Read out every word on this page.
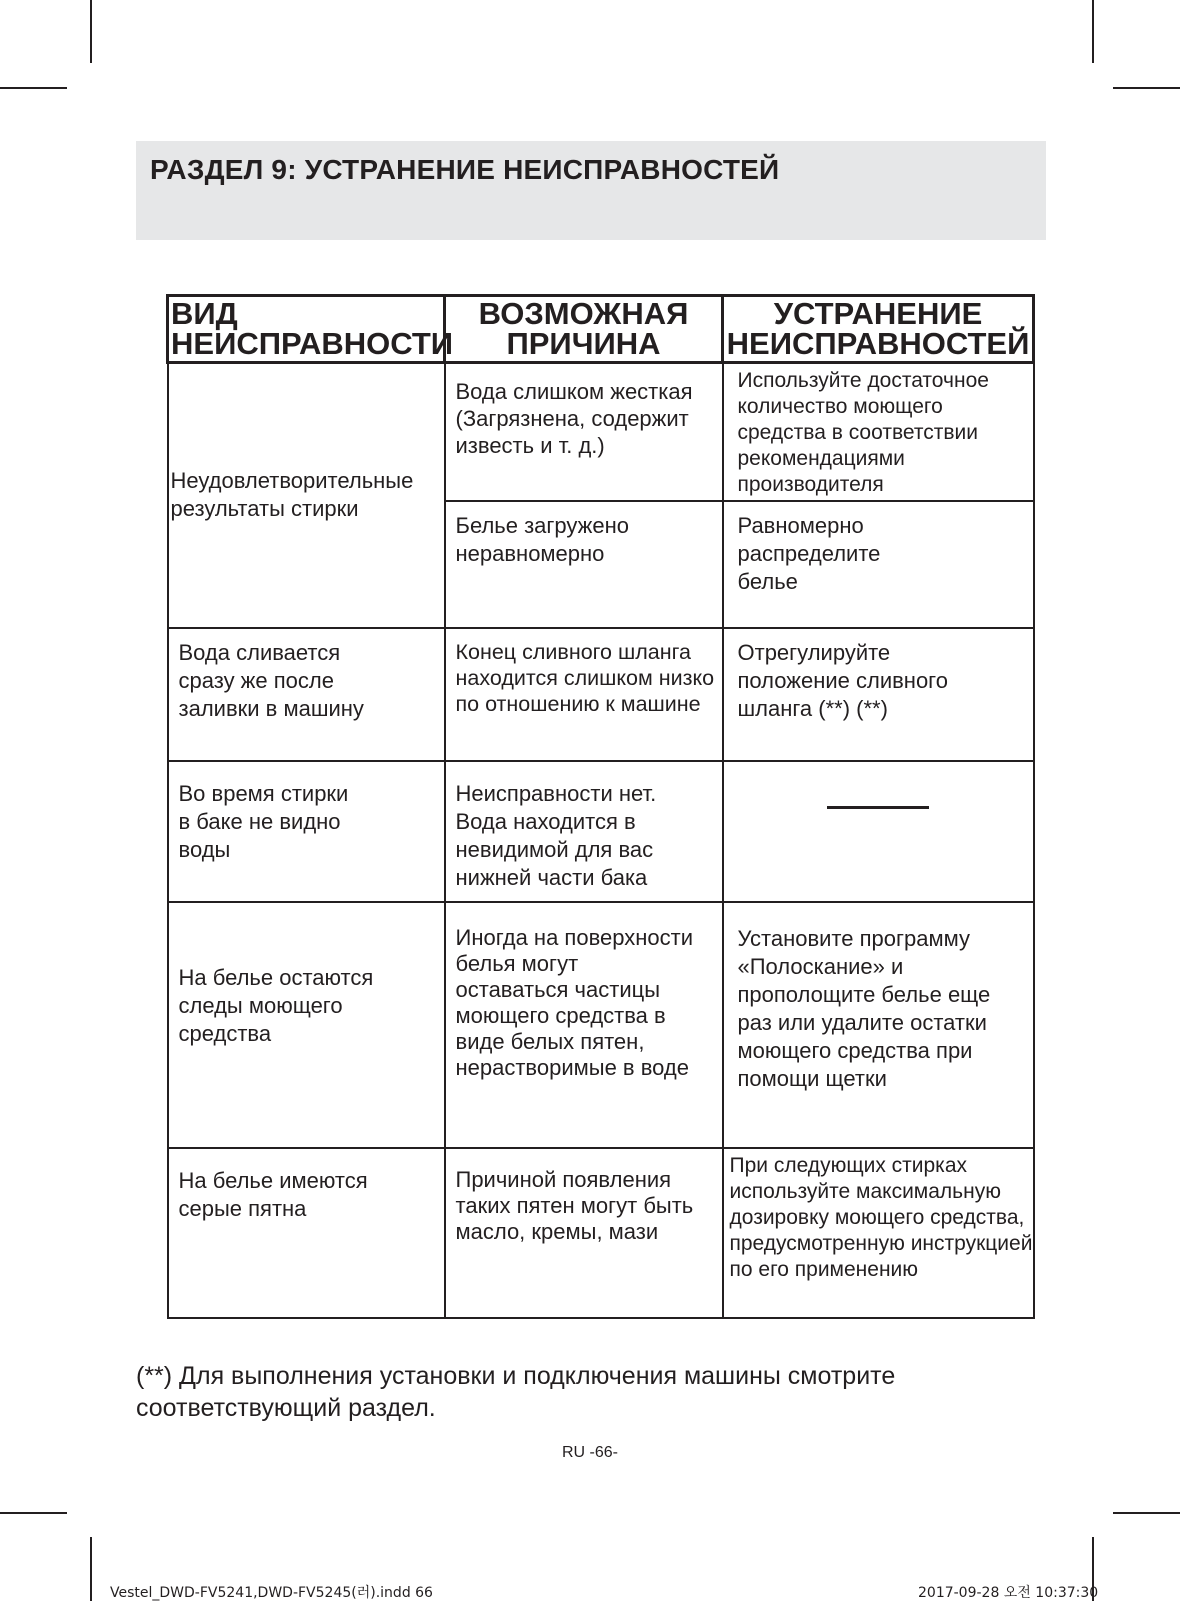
РАЗДЕЛ 9: УСТРАНЕНИЕ НЕИСПРАВНОСТЕЙ
ВИД НЕИСПРАВНОСТИ	ВОЗМОЖНАЯ ПРИЧИНА	УСТРАНЕНИЕ НЕИСПРАВНОСТЕЙ

Неудовлетворительные результаты стирки	Вода слишком жесткая (Загрязнена, содержит известь и т. д.)	Используйте достаточное количество моющего средства в соответствии рекомендациями производителя

	Белье загружено неравномерно	Равномерно распределите белье

Вода сливается сразу же после заливки в машину	Конец сливного шланга находится слишком низко по отношению к машине	Отрегулируйте положение сливного шланга (**) (**)

Во время стирки в баке не видно воды	Неисправности нет. Вода находится в невидимой для вас нижней части бака	

На белье остаются следы моющего средства	Иногда на поверхности белья могут оставаться частицы моющего средства в виде белых пятен, нерастворимые в воде	Установите программу «Полоскание» и прополощите белье еще раз или удалите остатки моющего средства при помощи щетки

На белье имеются серые пятна	Причиной появления таких пятен могут быть масло, кремы, мази	При следующих стирках используйте максимальную дозировку моющего средства, предусмотренную инструкцией по его применению
(**) Для выполнения установки и подключения машины смотрите соответствующий раздел.
RU -66-
Vestel_DWD-FV5241,DWD-FV5245(러).indd 66	2017-09-28 오전 10:37:30
